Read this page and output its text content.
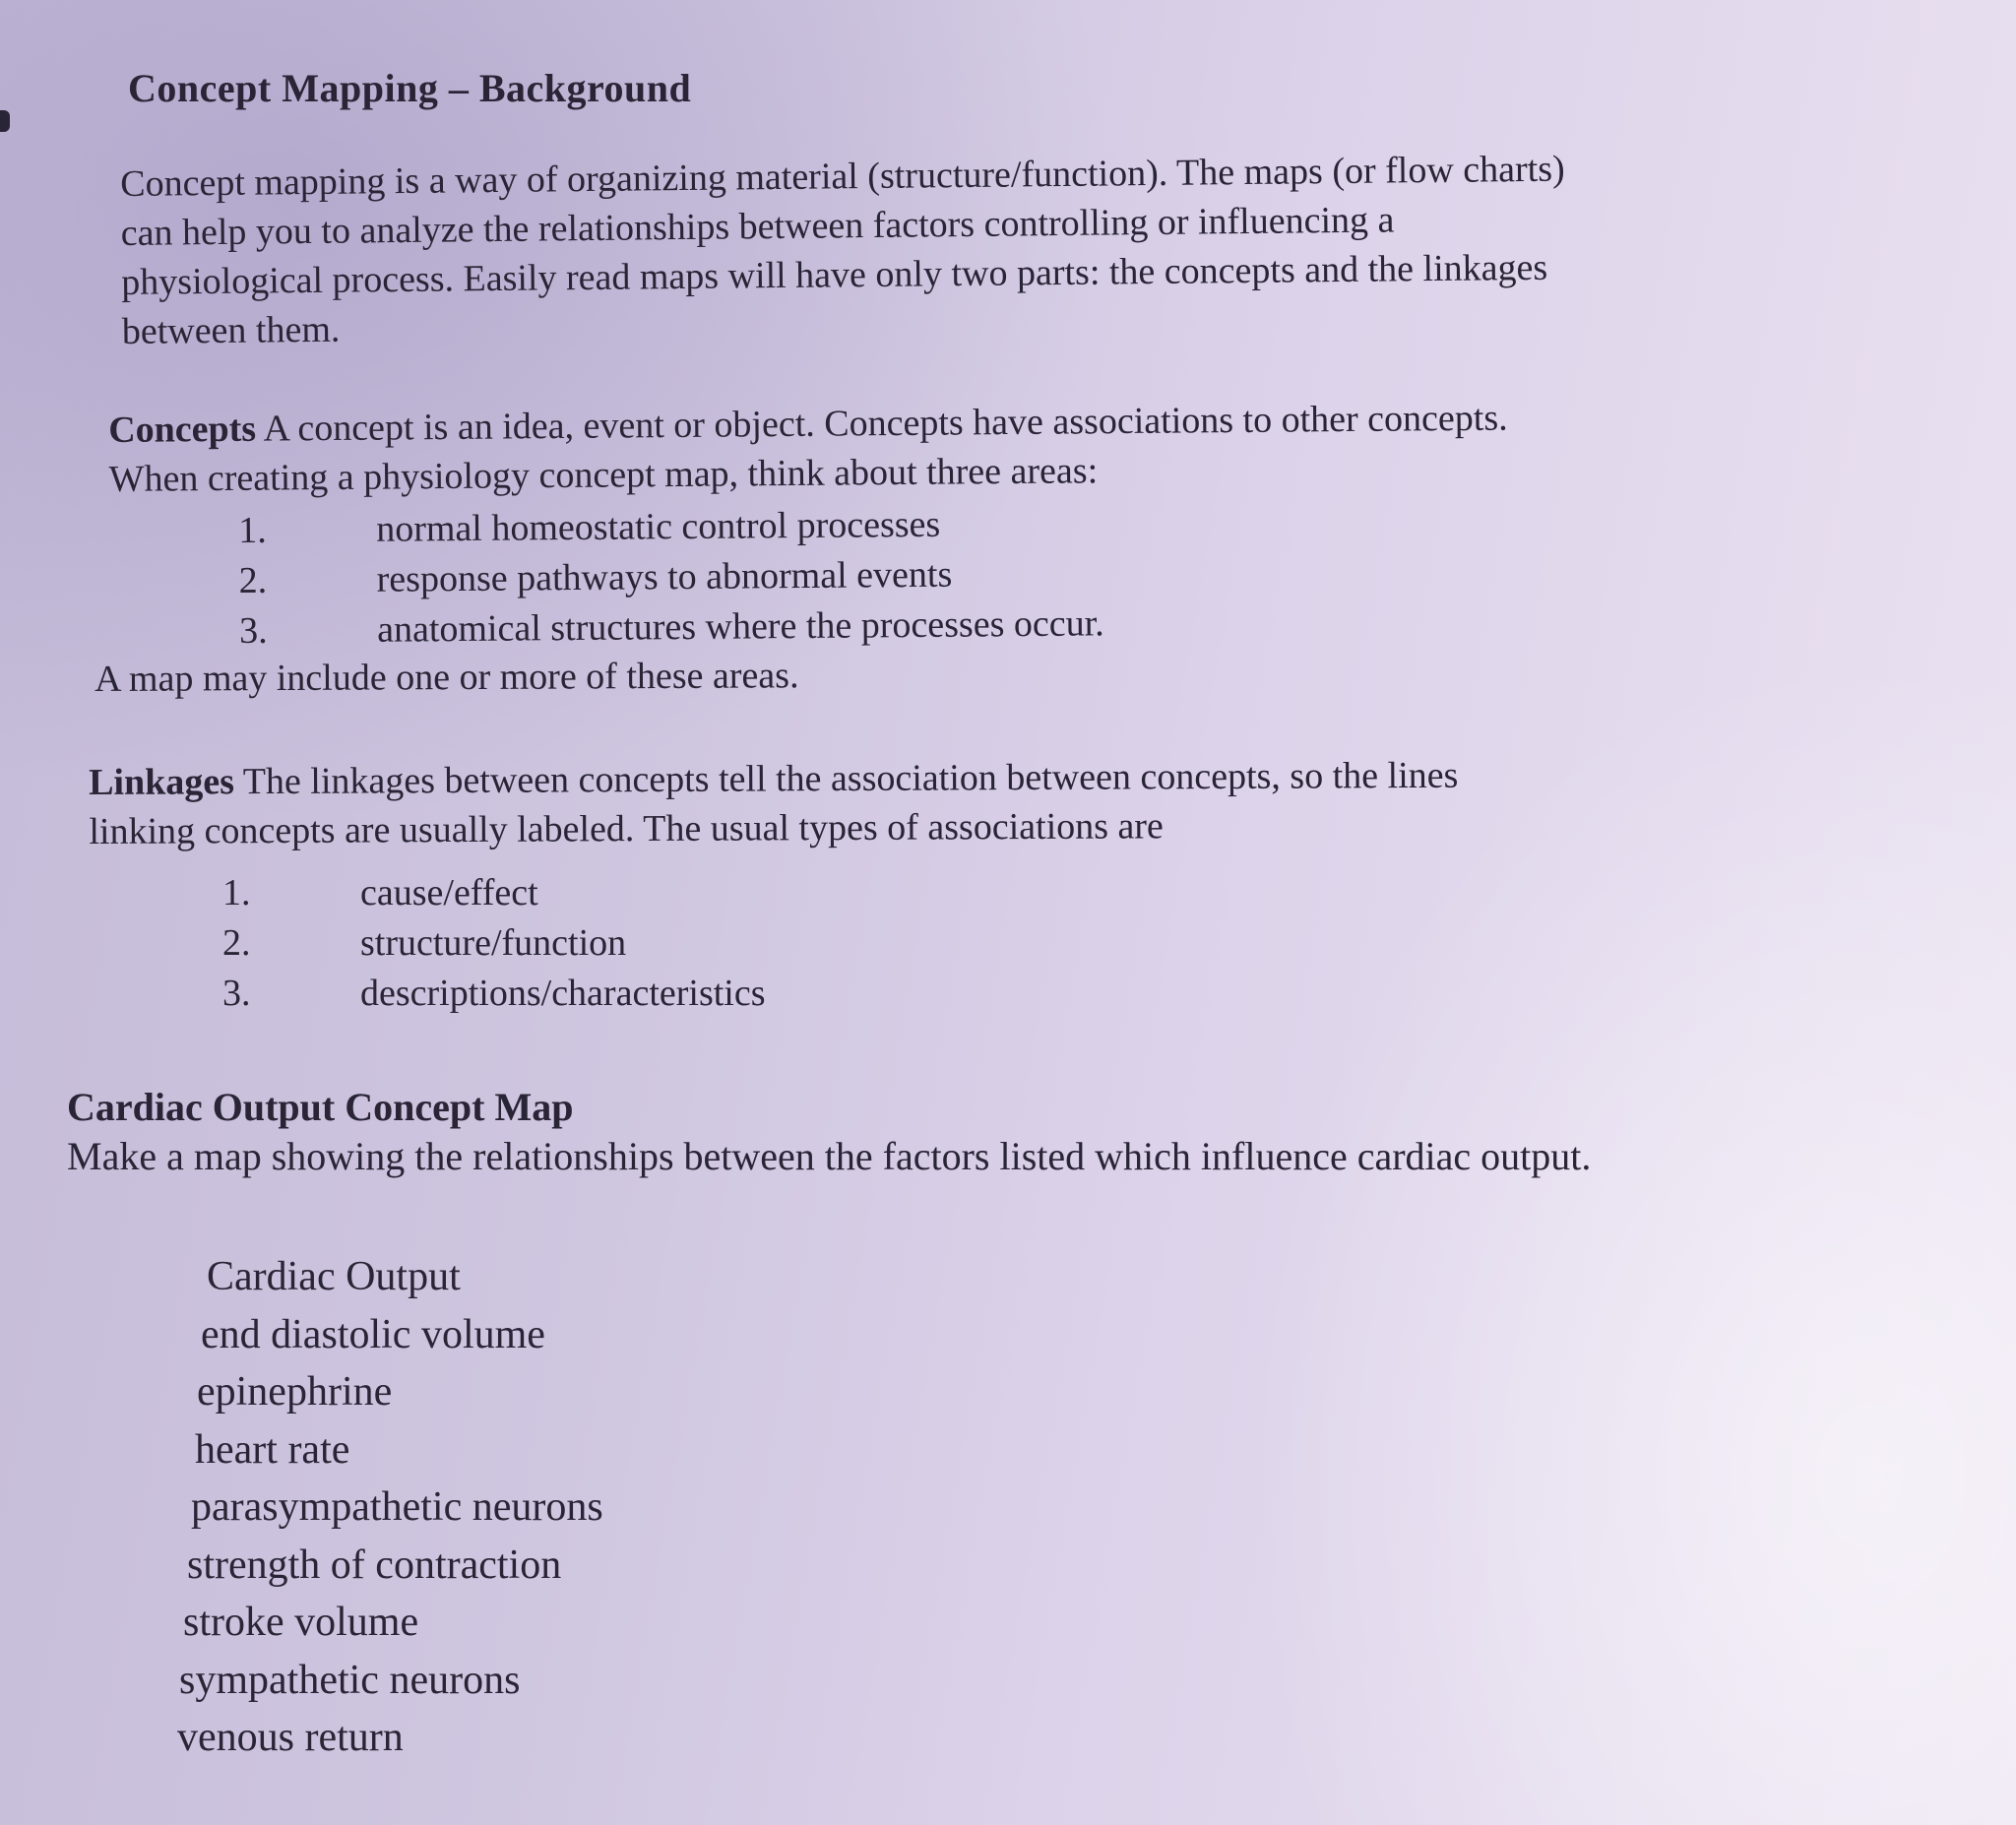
Concept Mapping – Background
Concept mapping is a way of organizing material (structure/function). The maps (or flow charts)
can help you to analyze the relationships between factors controlling or influencing a
physiological process. Easily read maps will have only two parts: the concepts and the linkages
between them.
Concepts A concept is an idea, event or object. Concepts have associations to other concepts.
When creating a physiology concept map, think about three areas:
1.	normal homeostatic control processes
2.	response pathways to abnormal events
3.	anatomical structures where the processes occur.
A map may include one or more of these areas.
Linkages The linkages between concepts tell the association between concepts, so the lines
linking concepts are usually labeled. The usual types of associations are
1.	cause/effect
2.	structure/function
3.	descriptions/characteristics
Cardiac Output Concept Map
Make a map showing the relationships between the factors listed which influence cardiac output.
Cardiac Output
end diastolic volume
epinephrine
heart rate
parasympathetic neurons
strength of contraction
stroke volume
sympathetic neurons
venous return
